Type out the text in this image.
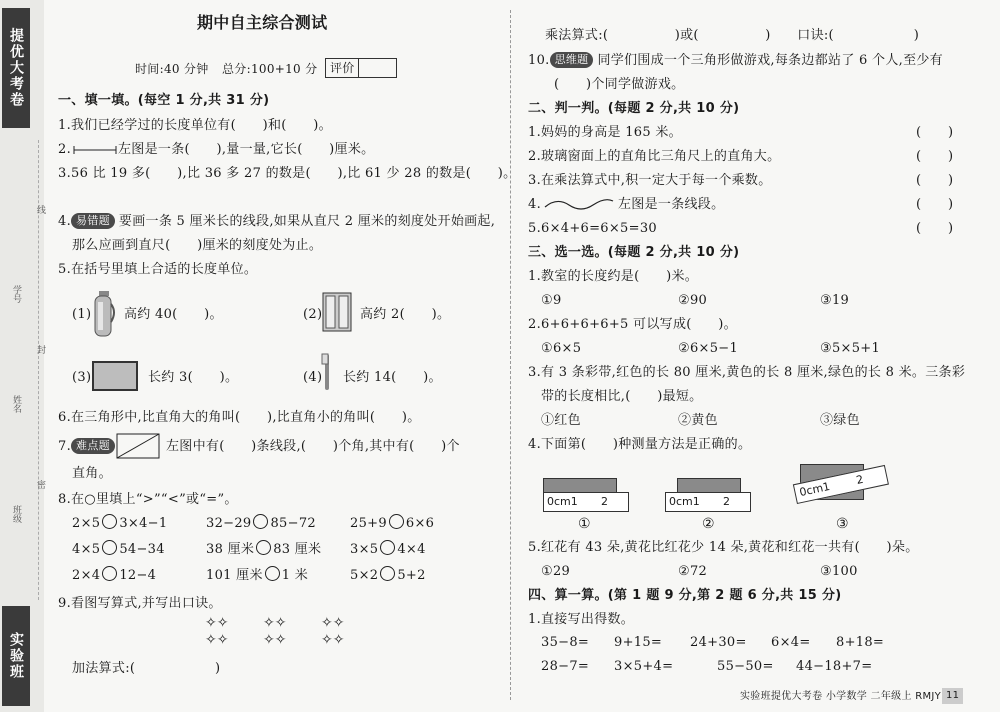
提优大考卷
实验班
学号
线
封
姓名
密
班级
期中自主综合测试
时间:40 分钟 总分:100+10 分 评价
一、填一填。(每空 1 分,共 31 分)
1.我们已经学过的长度单位有(　　)和(　　)。
2.	左图是一条(　　),量一量,它长(　　)厘米。
3.56 比 19 多(　　),比 36 多 27 的数是(　　),比 61 少 28 的数是(　　)。
4. 易错题 要画一条 5 厘米长的线段,如果从直尺 2 厘米的刻度处开始画起,
那么应画到直尺(　　)厘米的刻度处为止。
5.在括号里填上合适的长度单位。
(1)	高约 40(　　)。	(2)	高约 2(　　)。
(3)	长约 3(　　)。	(4) 长约 14(　　)。
6.在三角形中,比直角大的角叫(　　),比直角小的角叫(　　)。
7. 难点题	左图中有(　　)条线段,(　　)个角,其中有(　　)个
直角。
8.在○里填上“>”“<”或“=”。
2×5 3×4−1	32−29 85−72	25+9 6×6
4×5 54−34	38 厘米 83 厘米 3×5 4×4
2×4 12−4	101 厘米 1 米	5×2 5+2
9.看图写算式,并写出口诀。
✧✧
✧✧
✧✧
✧✧
✧✧
✧✧
加法算式:(　　　　　　)
乘法算式:(　　　　　)或(　　　　　)　　口诀:(　　　　　　)
10. 思维题 同学们围成一个三角形做游戏,每条边都站了 6 个人,至少有
(　　)个同学做游戏。
二、判一判。(每题 2 分,共 10 分)
1.妈妈的身高是 165 米。	(　　)
2.玻璃窗面上的直角比三角尺上的直角大。	(　　)
3.在乘法算式中,积一定大于每一个乘数。	(　　)
4.	左图是一条线段。	(　　)
5.6×4+6=6×5=30	(　　)
三、选一选。(每题 2 分,共 10 分)
1.教室的长度约是(　　)米。
①9	②90	③19
2.6+6+6+6+5 可以写成(　　)。
①6×5	②6×5−1	③5×5+1
3.有 3 条彩带,红色的长 80 厘米,黄色的长 8 厘米,绿色的长 8 米。三条彩
带的长度相比,(　　)最短。
①红色	②黄色	③绿色
4.下面第(　　)种测量方法是正确的。
0cm1 2	0cm1 2
0cm1
2
①	②	③
5.红花有 43 朵,黄花比红花少 14 朵,黄花和红花一共有(　　)朵。
①29	②72	③100
四、算一算。(第 1 题 9 分,第 2 题 6 分,共 15 分)
1.直接写出得数。
35−8= 9+15= 24+30= 6×4= 8+18=
28−7= 3×5+4=	55−50= 44−18+7=
实验班提优大考卷 小学数学 二年级上 RMJY 11
